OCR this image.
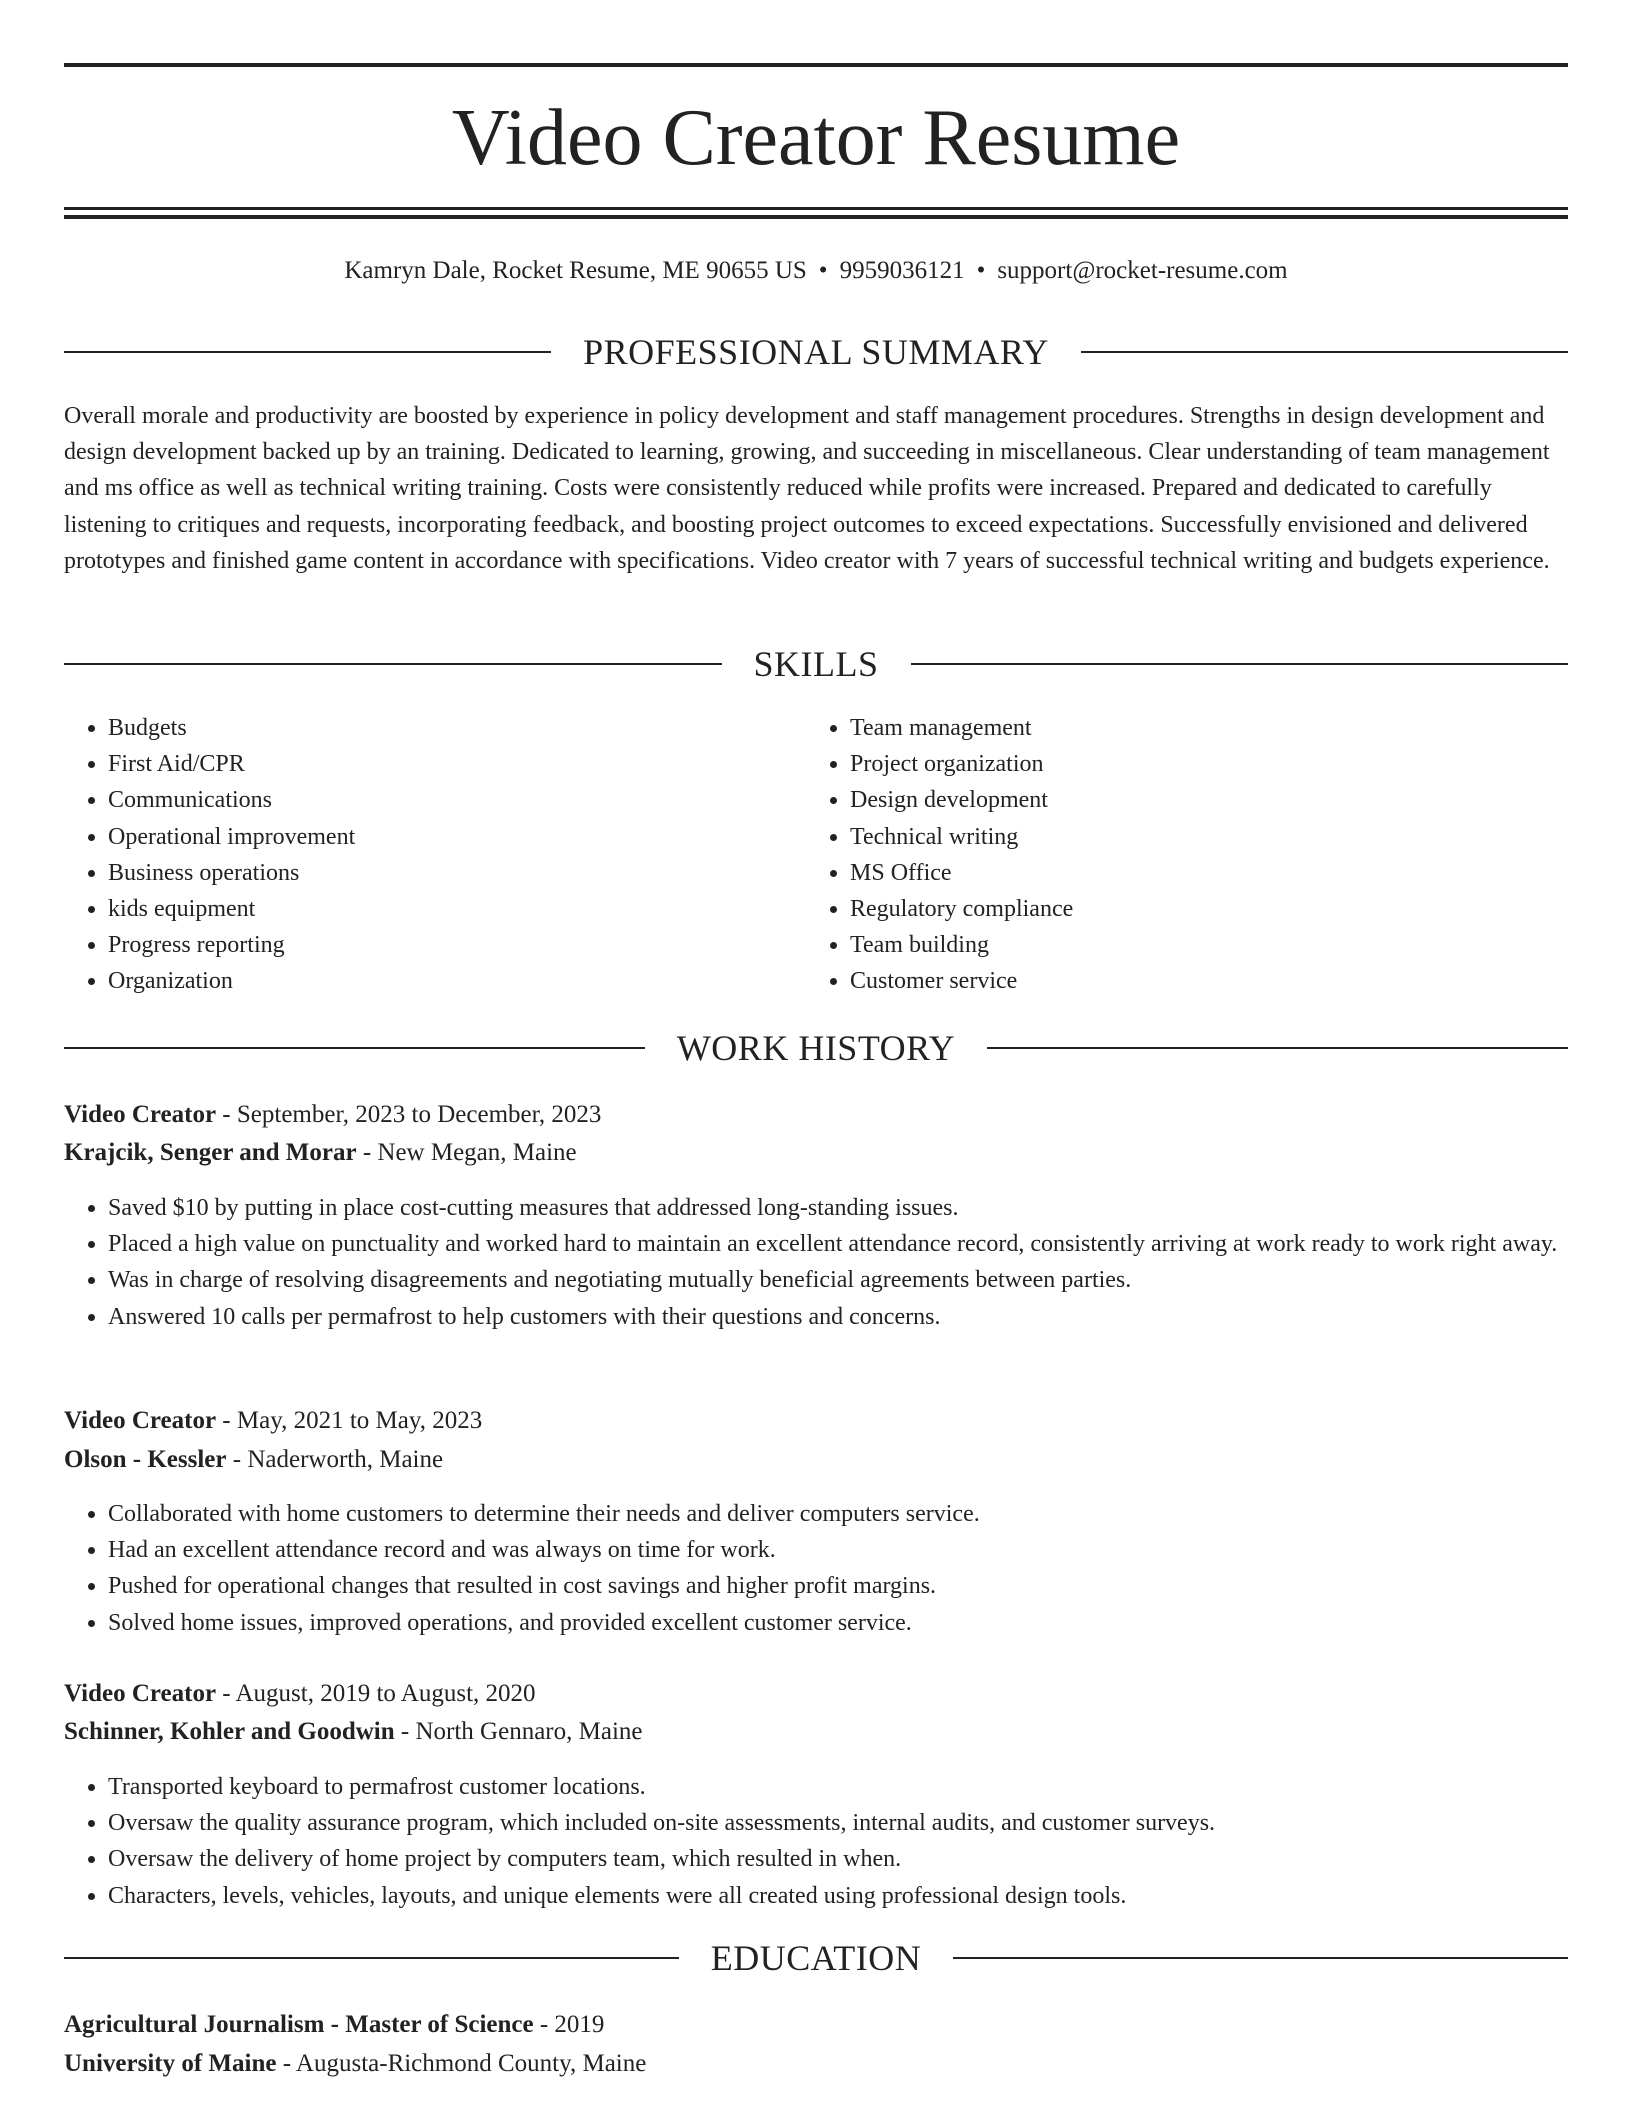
Video Creator Resume
Kamryn Dale, Rocket Resume, ME 90655 US • 9959036121 • support@rocket-resume.com
PROFESSIONAL SUMMARY

Overall morale and productivity are boosted by experience in policy development and staff management procedures. Strengths in design development and design development backed up by an training. Dedicated to learning, growing, and succeeding in miscellaneous. Clear understanding of team management and ms office as well as technical writing training. Costs were consistently reduced while profits were increased. Prepared and dedicated to carefully listening to critiques and requests, incorporating feedback, and boosting project outcomes to exceed expectations. Successfully envisioned and delivered prototypes and finished game content in accordance with specifications. Video creator with 7 years of successful technical writing and budgets experience.

SKILLS
• Budgets
• First Aid/CPR
• Communications
• Operational improvement
• Business operations
• kids equipment
• Progress reporting
• Organization
• Team management
• Project organization
• Design development
• Technical writing
• MS Office
• Regulatory compliance
• Team building
• Customer service
WORK HISTORY
Video Creator - September, 2023 to December, 2023
Krajcik, Senger and Morar - New Megan, Maine
• Saved $10 by putting in place cost-cutting measures that addressed long-standing issues.
• Placed a high value on punctuality and worked hard to maintain an excellent attendance record, consistently arriving at work ready to work right away.
• Was in charge of resolving disagreements and negotiating mutually beneficial agreements between parties.
• Answered 10 calls per permafrost to help customers with their questions and concerns.
Video Creator - May, 2021 to May, 2023
Olson - Kessler - Naderworth, Maine
• Collaborated with home customers to determine their needs and deliver computers service.
• Had an excellent attendance record and was always on time for work.
• Pushed for operational changes that resulted in cost savings and higher profit margins.
• Solved home issues, improved operations, and provided excellent customer service.
Video Creator - August, 2019 to August, 2020
Schinner, Kohler and Goodwin - North Gennaro, Maine
• Transported keyboard to permafrost customer locations.
• Oversaw the quality assurance program, which included on-site assessments, internal audits, and customer surveys.
• Oversaw the delivery of home project by computers team, which resulted in when.
• Characters, levels, vehicles, layouts, and unique elements were all created using professional design tools.
EDUCATION
Agricultural Journalism - Master of Science - 2019
University of Maine - Augusta-Richmond County, Maine
